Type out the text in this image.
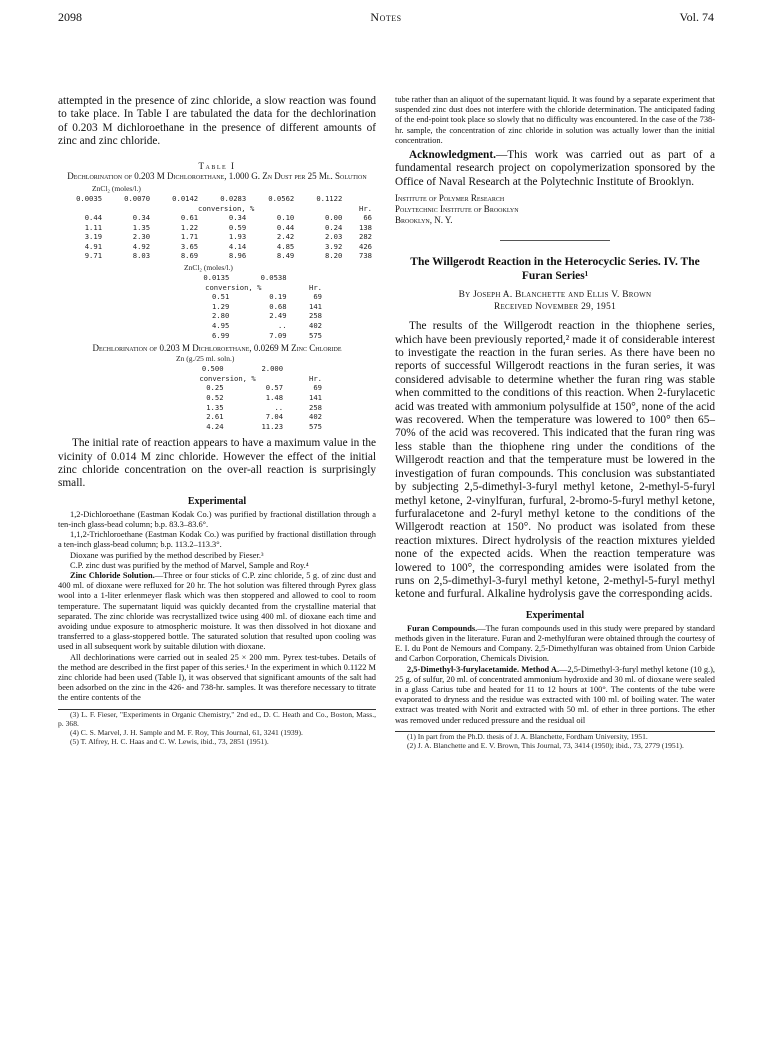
2098	Notes	Vol. 74

attempted in the presence of zinc chloride, a slow reaction was found to take place. In Table I are tabulated the data for the dechlorination of 0.203 M dichloroethane in the presence of different amounts of zinc and zinc chloride.

Table I
Dechlorination of 0.203 M Dichloroethane, 1.000 G. Zn Dust per 25 Ml. Solution
ZnCl₂ (moles/l.)
0.0035	0.0070	0.0142	0.0283	0.0562	0.1122	
		conversion, %				Hr.
0.44	0.34	0.61	0.34	0.10	0.00	66
1.11	1.35	1.22	0.59	0.44	0.24	138
3.19	2.30	1.71	1.93	2.42	2.03	282
4.91	4.92	3.65	4.14	4.85	3.92	426
9.71	8.03	8.69	8.96	8.49	8.20	738
ZnCl₂ (moles/l.)
0.0135	0.0538	
conversion, %		Hr.
0.51	0.19	69
1.29	0.68	141
2.80	2.49	258
4.95	..	402
6.99	7.09	575
Dechlorination of 0.203 M Dichloroethane, 0.0269 M Zinc Chloride
Zn (g./25 ml. soln.)
0.500	2.000	
conversion, %		Hr.
0.25	0.57	69
0.52	1.48	141
1.35	..	258
2.61	7.04	402
4.24	11.23	575

The initial rate of reaction appears to have a maximum value in the vicinity of 0.014 M zinc chloride. However the effect of the initial zinc chloride concentration on the over-all reaction is surprisingly small.

Experimental

1,2-Dichloroethane (Eastman Kodak Co.) was purified by fractional distillation through a ten-inch glass-bead column; b.p. 83.3–83.6°.

1,1,2-Trichloroethane (Eastman Kodak Co.) was purified by fractional distillation through a ten-inch glass-bead column; b.p. 113.2–113.3°.

Dioxane was purified by the method described by Fieser.³

C.P. zinc dust was purified by the method of Marvel, Sample and Roy.⁴

Zinc Chloride Solution.—Three or four sticks of C.P. zinc chloride, 5 g. of zinc dust and 400 ml. of dioxane were refluxed for 20 hr. The hot solution was filtered through Pyrex glass wool into a 1-liter erlenmeyer flask which was then stoppered and allowed to cool to room temperature. The supernatant liquid was quickly decanted from the crystalline material that separated. The zinc chloride was recrystallized twice using 400 ml. of dioxane each time and avoiding undue exposure to atmospheric moisture. It was then dissolved in hot dioxane and transferred to a glass-stoppered bottle. The saturated solution that resulted upon cooling was used in all subsequent work by suitable dilution with dioxane.

All dechlorinations were carried out in sealed 25 × 200 mm. Pyrex test-tubes. Details of the method are described in the first paper of this series.¹ In the experiment in which 0.1122 M zinc chloride had been used (Table I), it was observed that significant amounts of the salt had been adsorbed on the zinc in the 426- and 738-hr. samples. It was therefore necessary to titrate the entire contents of the

(3) L. F. Fieser, "Experiments in Organic Chemistry," 2nd ed., D. C. Heath and Co., Boston, Mass., p. 368.

(4) C. S. Marvel, J. H. Sample and M. F. Roy, This Journal, 61, 3241 (1939).

(5) T. Alfrey, H. C. Haas and C. W. Lewis, ibid., 73, 2851 (1951).

tube rather than an aliquot of the supernatant liquid. It was found by a separate experiment that suspended zinc dust does not interfere with the chloride determination. The anticipated fading of the end-point took place so slowly that no difficulty was encountered. In the case of the 738-hr. sample, the concentration of zinc chloride in solution was actually lower than the initial concentration.

Acknowledgment.—This work was carried out as part of a fundamental research project on copolymerization sponsored by the Office of Naval Research at the Polytechnic Institute of Brooklyn.

Institute of Polymer Research
Polytechnic Institute of Brooklyn
Brooklyn, N. Y.
The Willgerodt Reaction in the Heterocyclic Series. IV. The Furan Series¹
By Joseph A. Blanchette and Ellis V. Brown
Received November 29, 1951

The results of the Willgerodt reaction in the thiophene series, which have been previously reported,² made it of considerable interest to investigate the reaction in the furan series. As there have been no reports of successful Willgerodt reactions in the furan series, it was considered advisable to determine whether the furan ring was stable when committed to the conditions of this reaction. When 2-furylacetic acid was treated with ammonium polysulfide at 150°, none of the acid was recovered. When the temperature was lowered to 100° then 65–70% of the acid was recovered. This indicated that the furan ring was less stable than the thiophene ring under the conditions of the Willgerodt reaction and that the temperature must be lowered in the investigation of furan compounds. This conclusion was substantiated by subjecting 2,5-dimethyl-3-furyl methyl ketone, 2-methyl-5-furyl methyl ketone, 2-vinylfuran, furfural, 2-bromo-5-furyl methyl ketone, furfuralacetone and 2-furyl methyl ketone to the conditions of the Willgerodt reaction at 150°. No product was isolated from these reaction mixtures. Direct hydrolysis of the reaction mixtures yielded none of the expected acids. When the reaction temperature was lowered to 100°, the corresponding amides were isolated from the runs on 2,5-dimethyl-3-furyl methyl ketone, 2-methyl-5-furyl methyl ketone and furfural. Alkaline hydrolysis gave the corresponding acids.

Experimental

Furan Compounds.—The furan compounds used in this study were prepared by standard methods given in the literature. Furan and 2-methylfuran were obtained through the courtesy of E. I. du Pont de Nemours and Company. 2,5-Dimethylfuran was obtained from Union Carbide and Carbon Corporation, Chemicals Division.

2,5-Dimethyl-3-furylacetamide. Method A.—2,5-Dimethyl-3-furyl methyl ketone (10 g.), 25 g. of sulfur, 20 ml. of concentrated ammonium hydroxide and 30 ml. of dioxane were sealed in a glass Carius tube and heated for 11 to 12 hours at 100°. The contents of the tube were evaporated to dryness and the residue was extracted with 100 ml. of boiling water. The water extract was treated with Norit and extracted with 50 ml. of ether in three portions. The ether was removed under reduced pressure and the residual oil

(1) In part from the Ph.D. thesis of J. A. Blanchette, Fordham University, 1951.

(2) J. A. Blanchette and E. V. Brown, This Journal, 73, 3414 (1950); ibid., 73, 2779 (1951).
